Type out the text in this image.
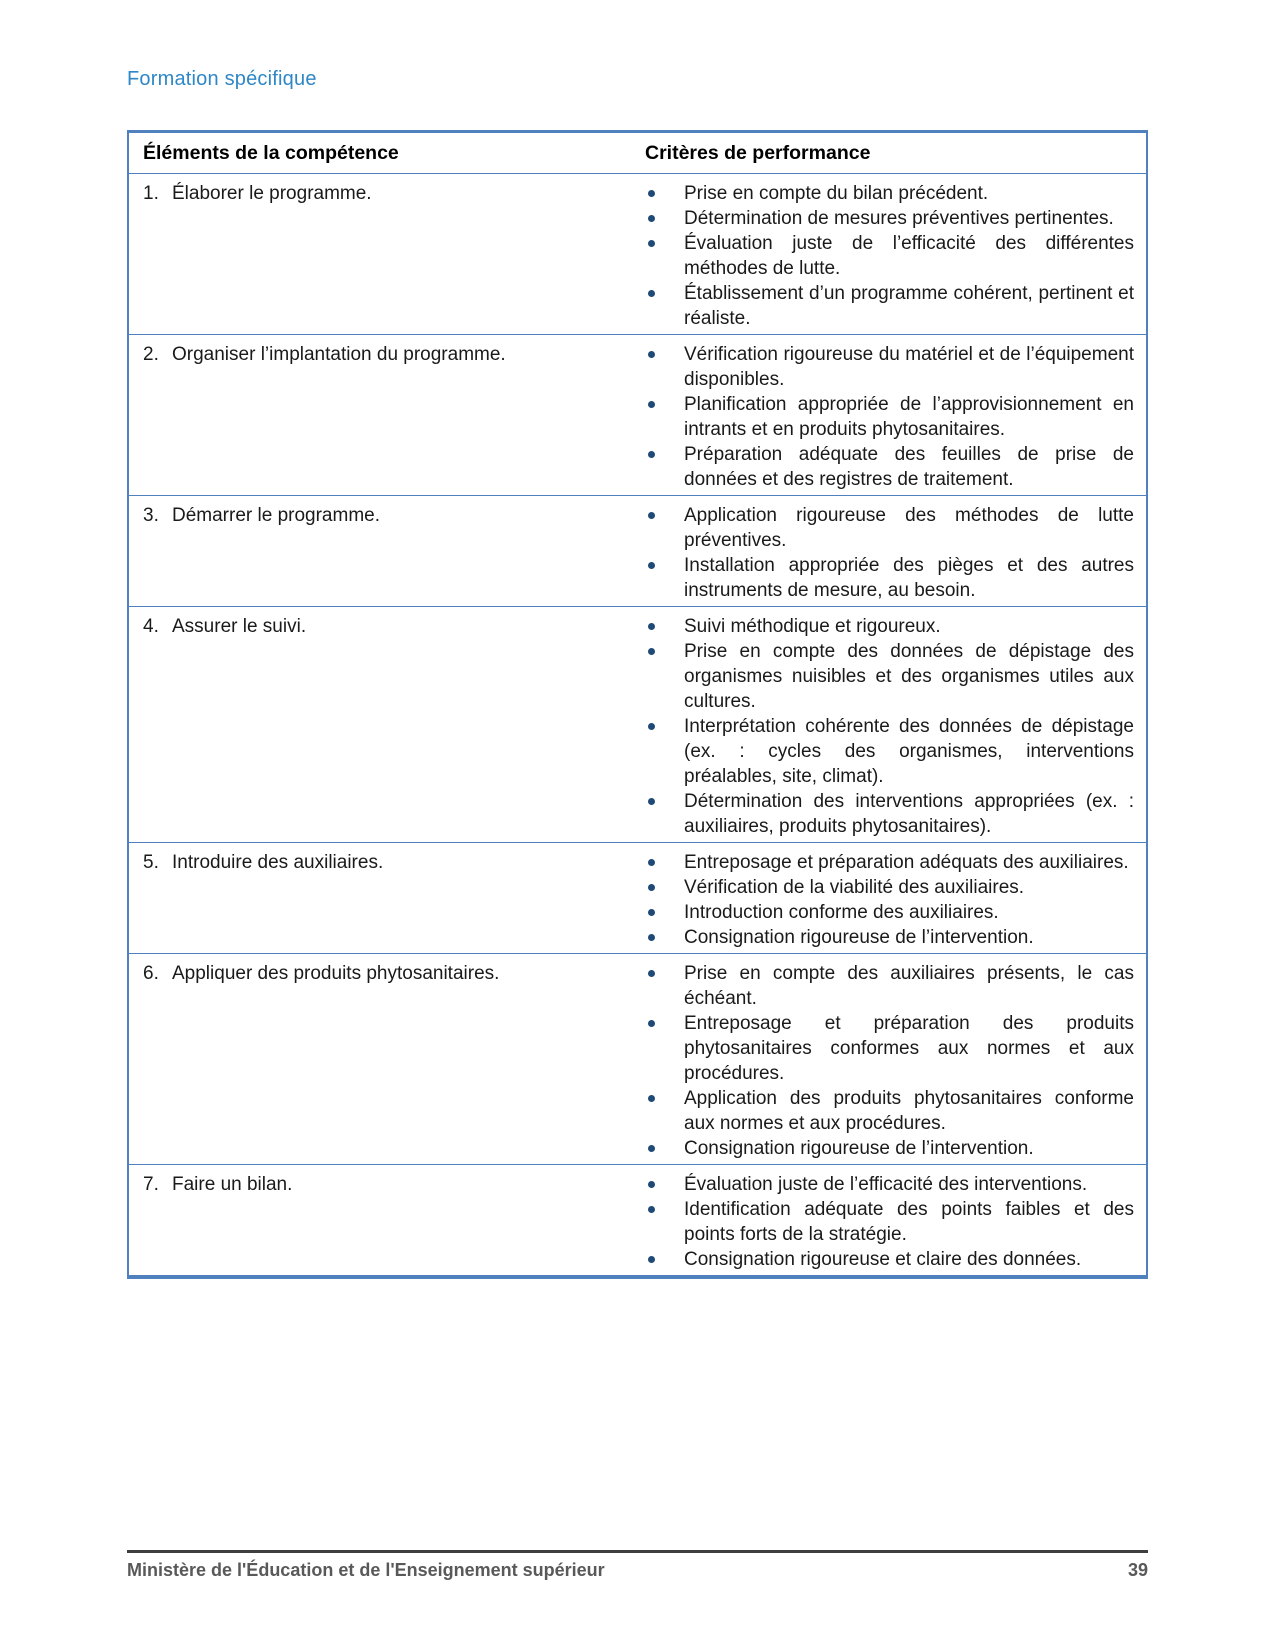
Formation spécifique
Éléments de la compétence	Critères de performance
1. Élaborer le programme.	Prise en compte du bilan précédent.
Détermination de mesures préventives pertinentes.
Évaluation juste de l’efficacité des différentes méthodes de lutte.
Établissement d’un programme cohérent, pertinent et réaliste.
2. Organiser l’implantation du programme.	Vérification rigoureuse du matériel et de l’équipement disponibles.
Planification appropriée de l’approvisionnement en intrants et en produits phytosanitaires.
Préparation adéquate des feuilles de prise de données et des registres de traitement.
3. Démarrer le programme.	Application rigoureuse des méthodes de lutte préventives.
Installation appropriée des pièges et des autres instruments de mesure, au besoin.
4. Assurer le suivi.	Suivi méthodique et rigoureux.
Prise en compte des données de dépistage des organismes nuisibles et des organismes utiles aux cultures.
Interprétation cohérente des données de dépistage (ex. : cycles des organismes, interventions préalables, site, climat).
Détermination des interventions appropriées (ex. : auxiliaires, produits phytosanitaires).
5. Introduire des auxiliaires.	Entreposage et préparation adéquats des auxiliaires.
Vérification de la viabilité des auxiliaires.
Introduction conforme des auxiliaires.
Consignation rigoureuse de l’intervention.
6. Appliquer des produits phytosanitaires.	Prise en compte des auxiliaires présents, le cas échéant.
Entreposage et préparation des produits phytosanitaires conformes aux normes et aux procédures.
Application des produits phytosanitaires conforme aux normes et aux procédures.
Consignation rigoureuse de l’intervention.
7. Faire un bilan.	Évaluation juste de l’efficacité des interventions.
Identification adéquate des points faibles et des points forts de la stratégie.
Consignation rigoureuse et claire des données.
Ministère de l'Éducation et de l'Enseignement supérieur	39
